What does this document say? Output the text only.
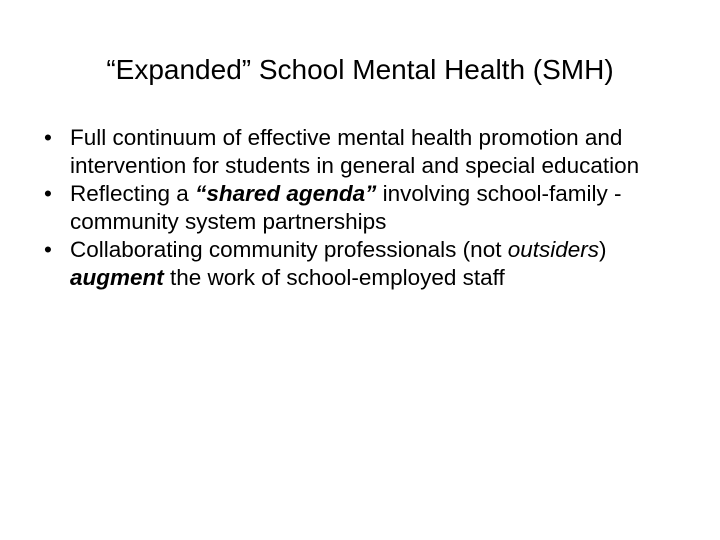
“Expanded” School Mental Health (SMH)
• Full continuum of effective mental health promotion and intervention for students in general and special education
• Reflecting a “shared agenda” involving school-family -community system partnerships
• Collaborating community professionals (not outsiders) augment the work of school-employed staff
